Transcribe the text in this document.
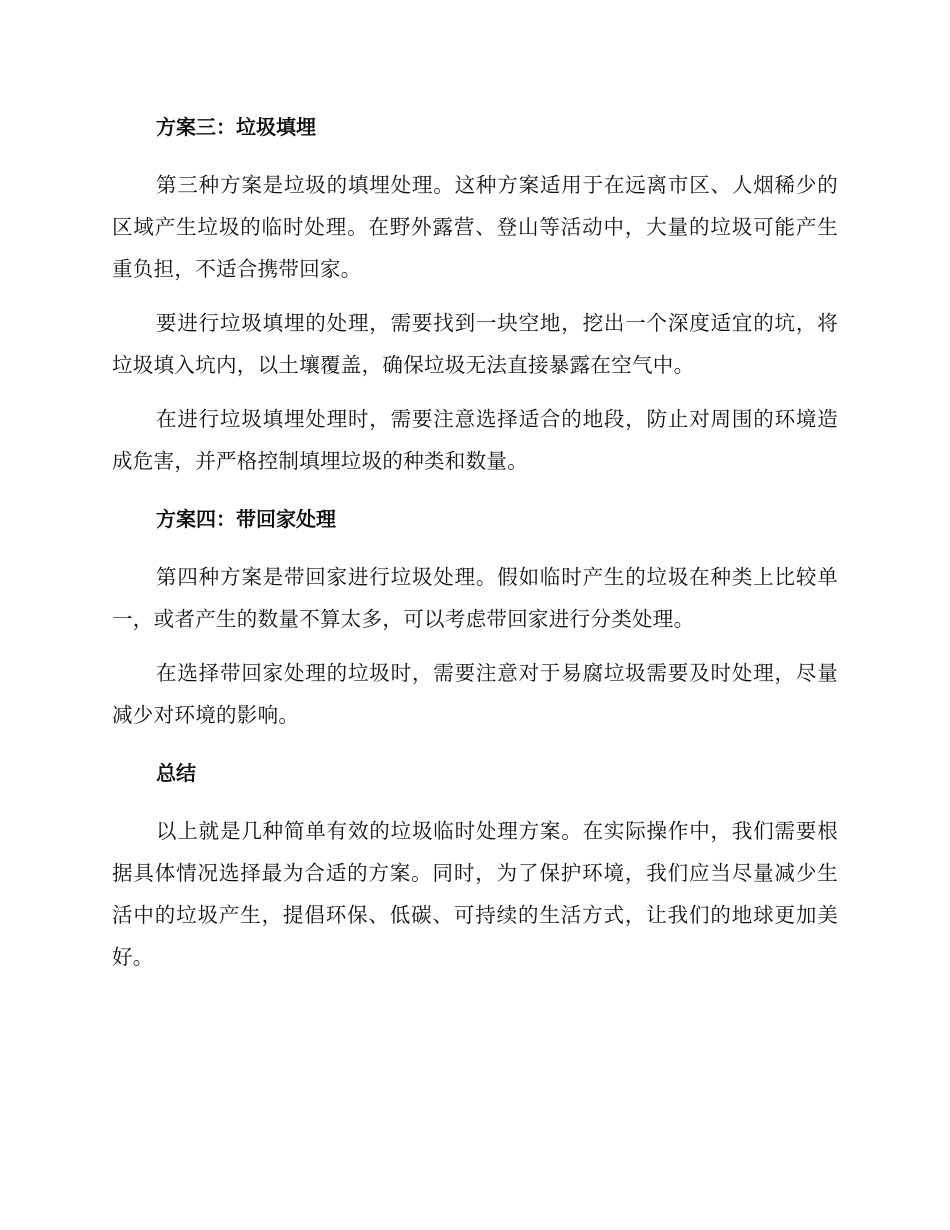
方案三：垃圾填埋

第三种方案是垃圾的填埋处理。这种方案适用于在远离市区、人烟稀少的区域产生垃圾的临时处理。在野外露营、登山等活动中，大量的垃圾可能产生重负担，不适合携带回家。

要进行垃圾填埋的处理，需要找到一块空地，挖出一个深度适宜的坑，将垃圾填入坑内，以土壤覆盖，确保垃圾无法直接暴露在空气中。

在进行垃圾填埋处理时，需要注意选择适合的地段，防止对周围的环境造成危害，并严格控制填埋垃圾的种类和数量。

方案四：带回家处理

第四种方案是带回家进行垃圾处理。假如临时产生的垃圾在种类上比较单一，或者产生的数量不算太多，可以考虑带回家进行分类处理。

在选择带回家处理的垃圾时，需要注意对于易腐垃圾需要及时处理，尽量减少对环境的影响。

总结

以上就是几种简单有效的垃圾临时处理方案。在实际操作中，我们需要根据具体情况选择最为合适的方案。同时，为了保护环境，我们应当尽量减少生活中的垃圾产生，提倡环保、低碳、可持续的生活方式，让我们的地球更加美好。
